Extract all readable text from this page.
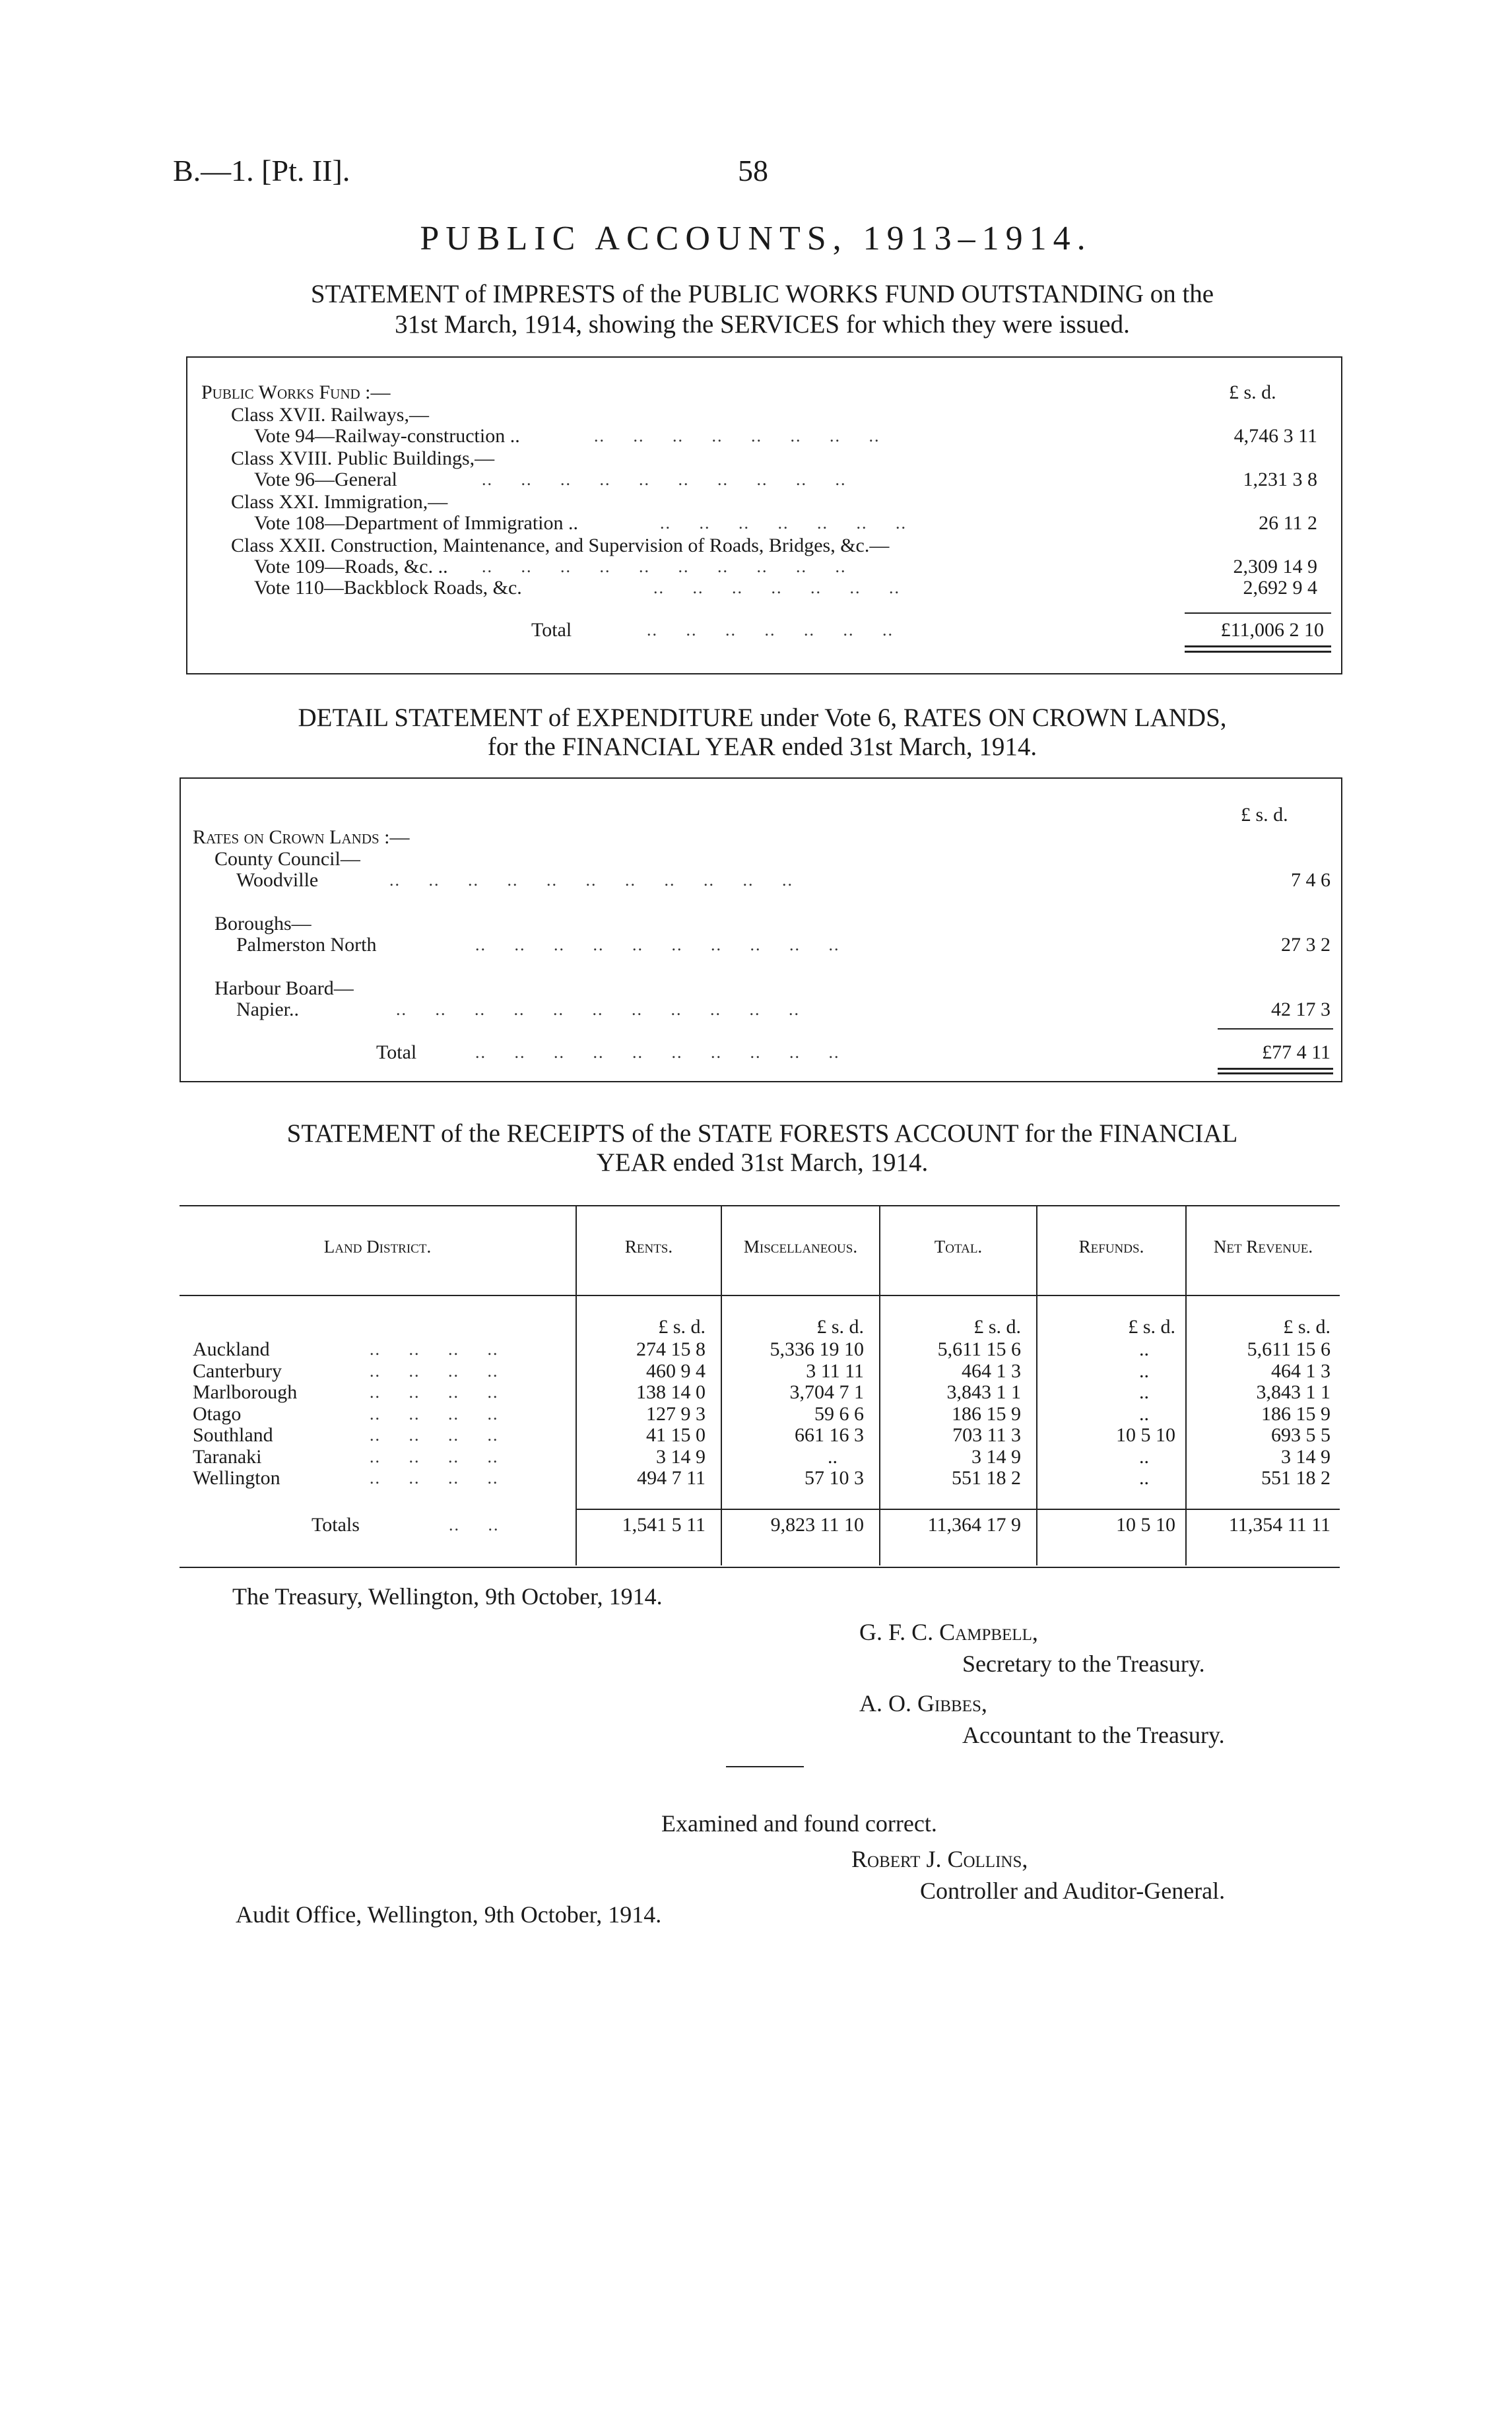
B.—1. [Pt. II].	58
PUBLIC ACCOUNTS, 1913–1914.
STATEMENT of IMPRESTS of the PUBLIC WORKS FUND OUTSTANDING on the
31st March, 1914, showing the SERVICES for which they were issued.
Public Works Fund :—	£ s. d.
Class XVII. Railways,—
Vote 94—Railway-construction ..	..     ..     ..     ..     ..     ..     ..     ..	4,746 3 11
Class XVIII. Public Buildings,—
Vote 96—General	..     ..     ..     ..     ..     ..     ..     ..     ..     ..	1,231 3 8
Class XXI. Immigration,—
Vote 108—Department of Immigration ..	..     ..     ..     ..     ..     ..     ..	26 11 2
Class XXII. Construction, Maintenance, and Supervision of Roads, Bridges, &c.—
Vote 109—Roads, &c. .. ..     ..     ..     ..     ..     ..     ..     ..     ..     ..	2,309 14 9
Vote 110—Backblock Roads, &c.	..     ..     ..     ..     ..     ..     ..	2,692 9 4
Total	..     ..     ..     ..     ..     ..     ..	£11,006 2 10
DETAIL STATEMENT of EXPENDITURE under Vote 6, RATES ON CROWN LANDS,
for the FINANCIAL YEAR ended 31st March, 1914.
£ s. d.
Rates on Crown Lands :—
County Council—
Woodville	..     ..     ..     ..     ..     ..     ..     ..     ..     ..     ..	7 4 6
Boroughs—
Palmerston North	..     ..     ..     ..     ..     ..     ..     ..     ..     ..	27 3 2
Harbour Board—
Napier..	..     ..     ..     ..     ..     ..     ..     ..     ..     ..     ..	42 17 3
Total	..     ..     ..     ..     ..     ..     ..     ..     ..     ..	£77 4 11
STATEMENT of the RECEIPTS of the STATE FORESTS ACCOUNT for the FINANCIAL
YEAR ended 31st March, 1914.
Land District.	Rents.	Miscellaneous.	Total.	Refunds.	Net Revenue.
£ s. d.	£ s. d.	£ s. d.	£ s. d.	£ s. d.
Auckland	..     ..     ..     ..	274 15 8	5,336 19 10	5,611 15 6	..	5,611 15 6
Canterbury	..     ..     ..     ..	460 9 4	3 11 11	464 1 3	..	464 1 3
Marlborough	..     ..     ..     ..	138 14 0	3,704 7 1	3,843 1 1	..	3,843 1 1
Otago	..     ..     ..     ..	127 9 3	59 6 6	186 15 9	..	186 15 9
Southland	..     ..     ..     ..	41 15 0	661 16 3	703 11 3	10 5 10	693 5 5
Taranaki	..     ..     ..     ..	3 14 9	..	3 14 9	..	3 14 9
Wellington	..     ..     ..     ..	494 7 11	57 10 3	551 18 2	..	551 18 2
Totals	..     ..	1,541 5 11	9,823 11 10	11,364 17 9	10 5 10	11,354 11 11
The Treasury, Wellington, 9th October, 1914.
G. F. C. Campbell,
Secretary to the Treasury.
A. O. Gibbes,
Accountant to the Treasury.
Examined and found correct.
Robert J. Collins,
Controller and Auditor-General.
Audit Office, Wellington, 9th October, 1914.
